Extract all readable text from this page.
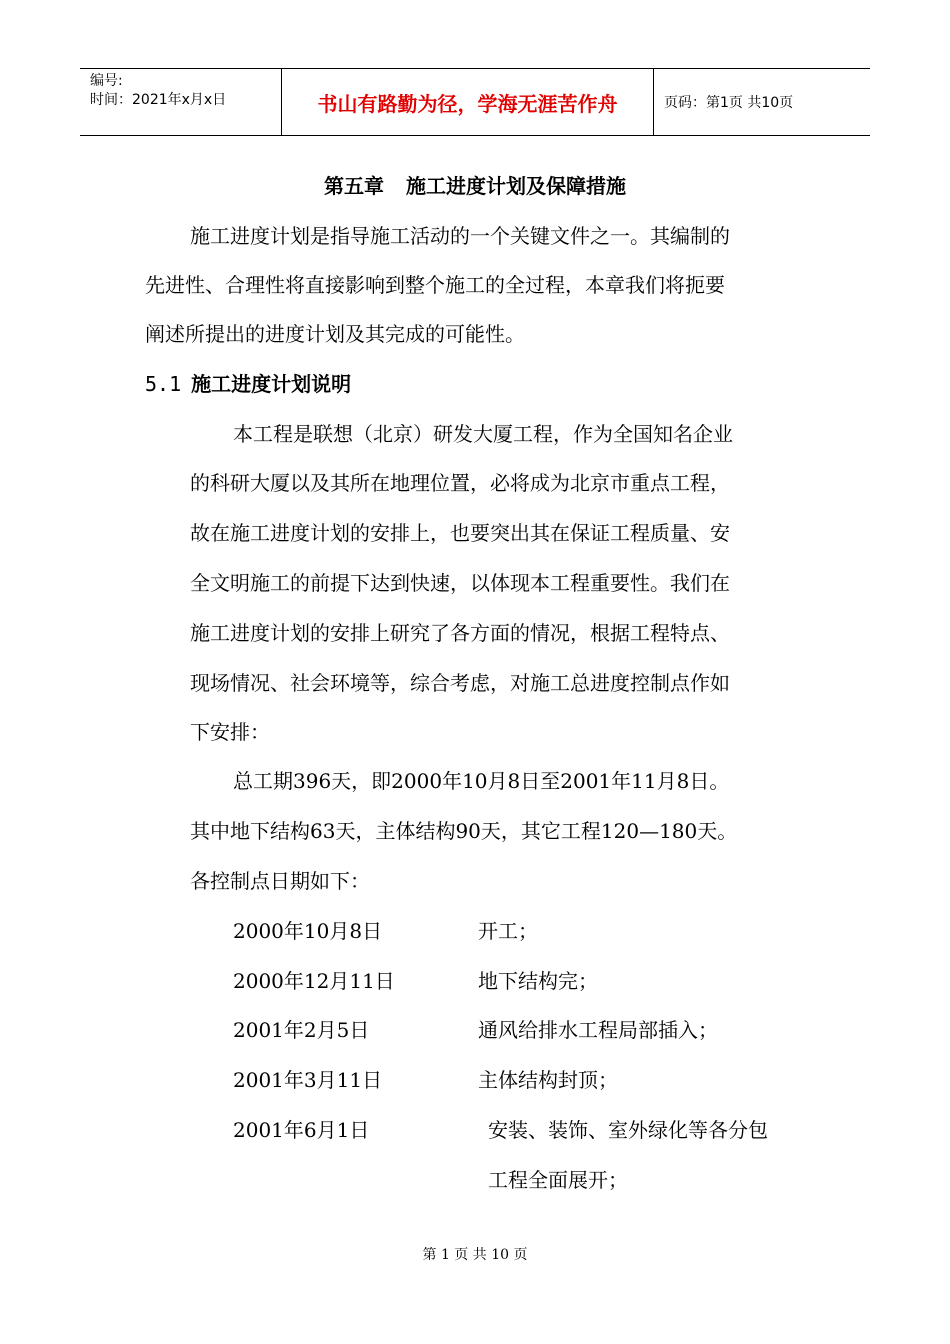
编号:
时间：2021年x月x日	书山有路勤为径，学海无涯苦作舟	页码：第1页 共10页
第五章 施工进度计划及保障措施
施工进度计划是指导施工活动的一个关键文件之一。其编制的
先进性、合理性将直接影响到整个施工的全过程，本章我们将扼要
阐述所提出的进度计划及其完成的可能性。
5.1 施工进度计划说明
本工程是联想（北京）研发大厦工程，作为全国知名企业
的科研大厦以及其所在地理位置，必将成为北京市重点工程，
故在施工进度计划的安排上，也要突出其在保证工程质量、安
全文明施工的前提下达到快速，以体现本工程重要性。我们在
施工进度计划的安排上研究了各方面的情况，根据工程特点、
现场情况、社会环境等，综合考虑，对施工总进度控制点作如
下安排：
总工期396天，即2000年10月8日至2001年11月8日。
其中地下结构63天，主体结构90天，其它工程120—180天。
各控制点日期如下：
2000年10月8日	开工；
2000年12月11日	地下结构完；
2001年2月5日	通风给排水工程局部插入；
2001年3月11日	主体结构封顶；
2001年6月1日	安装、装饰、室外绿化等各分包
工程全面展开；
第 1 页 共 10 页
